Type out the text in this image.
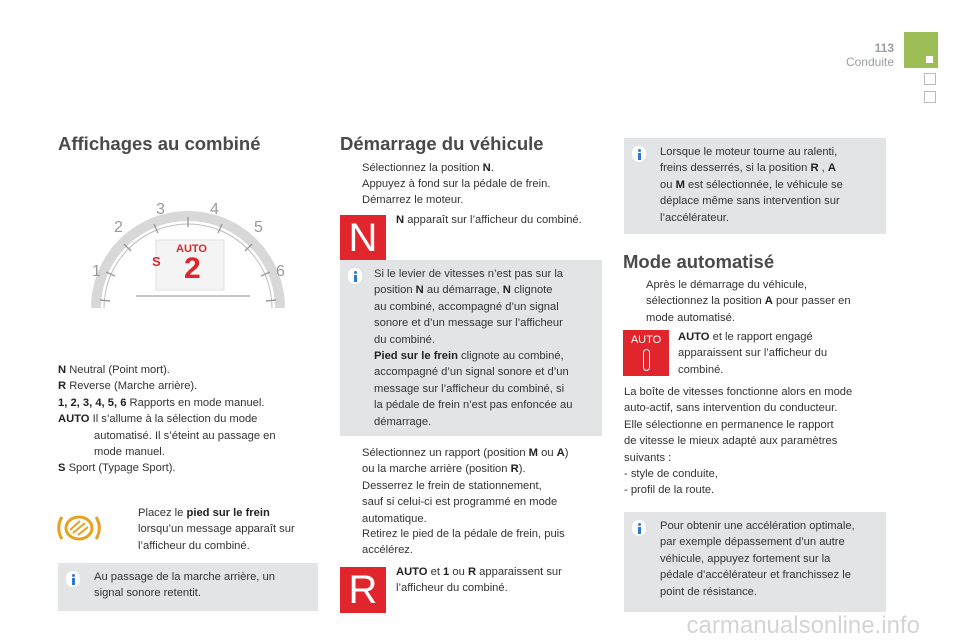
113
Conduite
Affichages au combiné
1
2
3	4
5
6
AUTO
S 2
N Neutral (Point mort).
R Reverse (Marche arrière).
1, 2, 3, 4, 5, 6 Rapports en mode manuel.
AUTO Il s’allume à la sélection du mode
automatisé. Il s’éteint au passage en
mode manuel.
S Sport (Typage Sport).
Placez le pied sur le frein
lorsqu’un message apparaît sur
l’afficheur du combiné.
Au passage de la marche arrière, un
signal sonore retentit.
Démarrage du véhicule
Sélectionnez la position N.
Appuyez à fond sur la pédale de frein.
Démarrez le moteur.
N	N apparaît sur l’afficheur du combiné.
Si le levier de vitesses n’est pas sur la
position N au démarrage, N clignote
au combiné, accompagné d’un signal
sonore et d’un message sur l’afficheur
du combiné.
Pied sur le frein clignote au combiné,
accompagné d’un signal sonore et d’un
message sur l’afficheur du combiné, si
la pédale de frein n’est pas enfoncée au
démarrage.
Sélectionnez un rapport (position M ou A)
ou la marche arrière (position R).
Desserrez le frein de stationnement,
sauf si celui-ci est programmé en mode
automatique.
Retirez le pied de la pédale de frein, puis
accélérez.
R	AUTO et 1 ou R apparaissent sur
l’afficheur du combiné.
Lorsque le moteur tourne au ralenti,
freins desserrés, si la position R , A
ou M est sélectionnée, le véhicule se
déplace même sans intervention sur
l’accélérateur.
Mode automatisé
Après le démarrage du véhicule,
sélectionnez la position A pour passer en
mode automatisé.
AUTO	AUTO et le rapport engagé
apparaissent sur l’afficheur du
combiné.
La boîte de vitesses fonctionne alors en mode
auto-actif, sans intervention du conducteur.
Elle sélectionne en permanence le rapport
de vitesse le mieux adapté aux paramètres
suivants :
- style de conduite,
- profil de la route.
Pour obtenir une accélération optimale,
par exemple dépassement d’un autre
véhicule, appuyez fortement sur la
pédale d’accélérateur et franchissez le
point de résistance.
carmanualsonline.info
